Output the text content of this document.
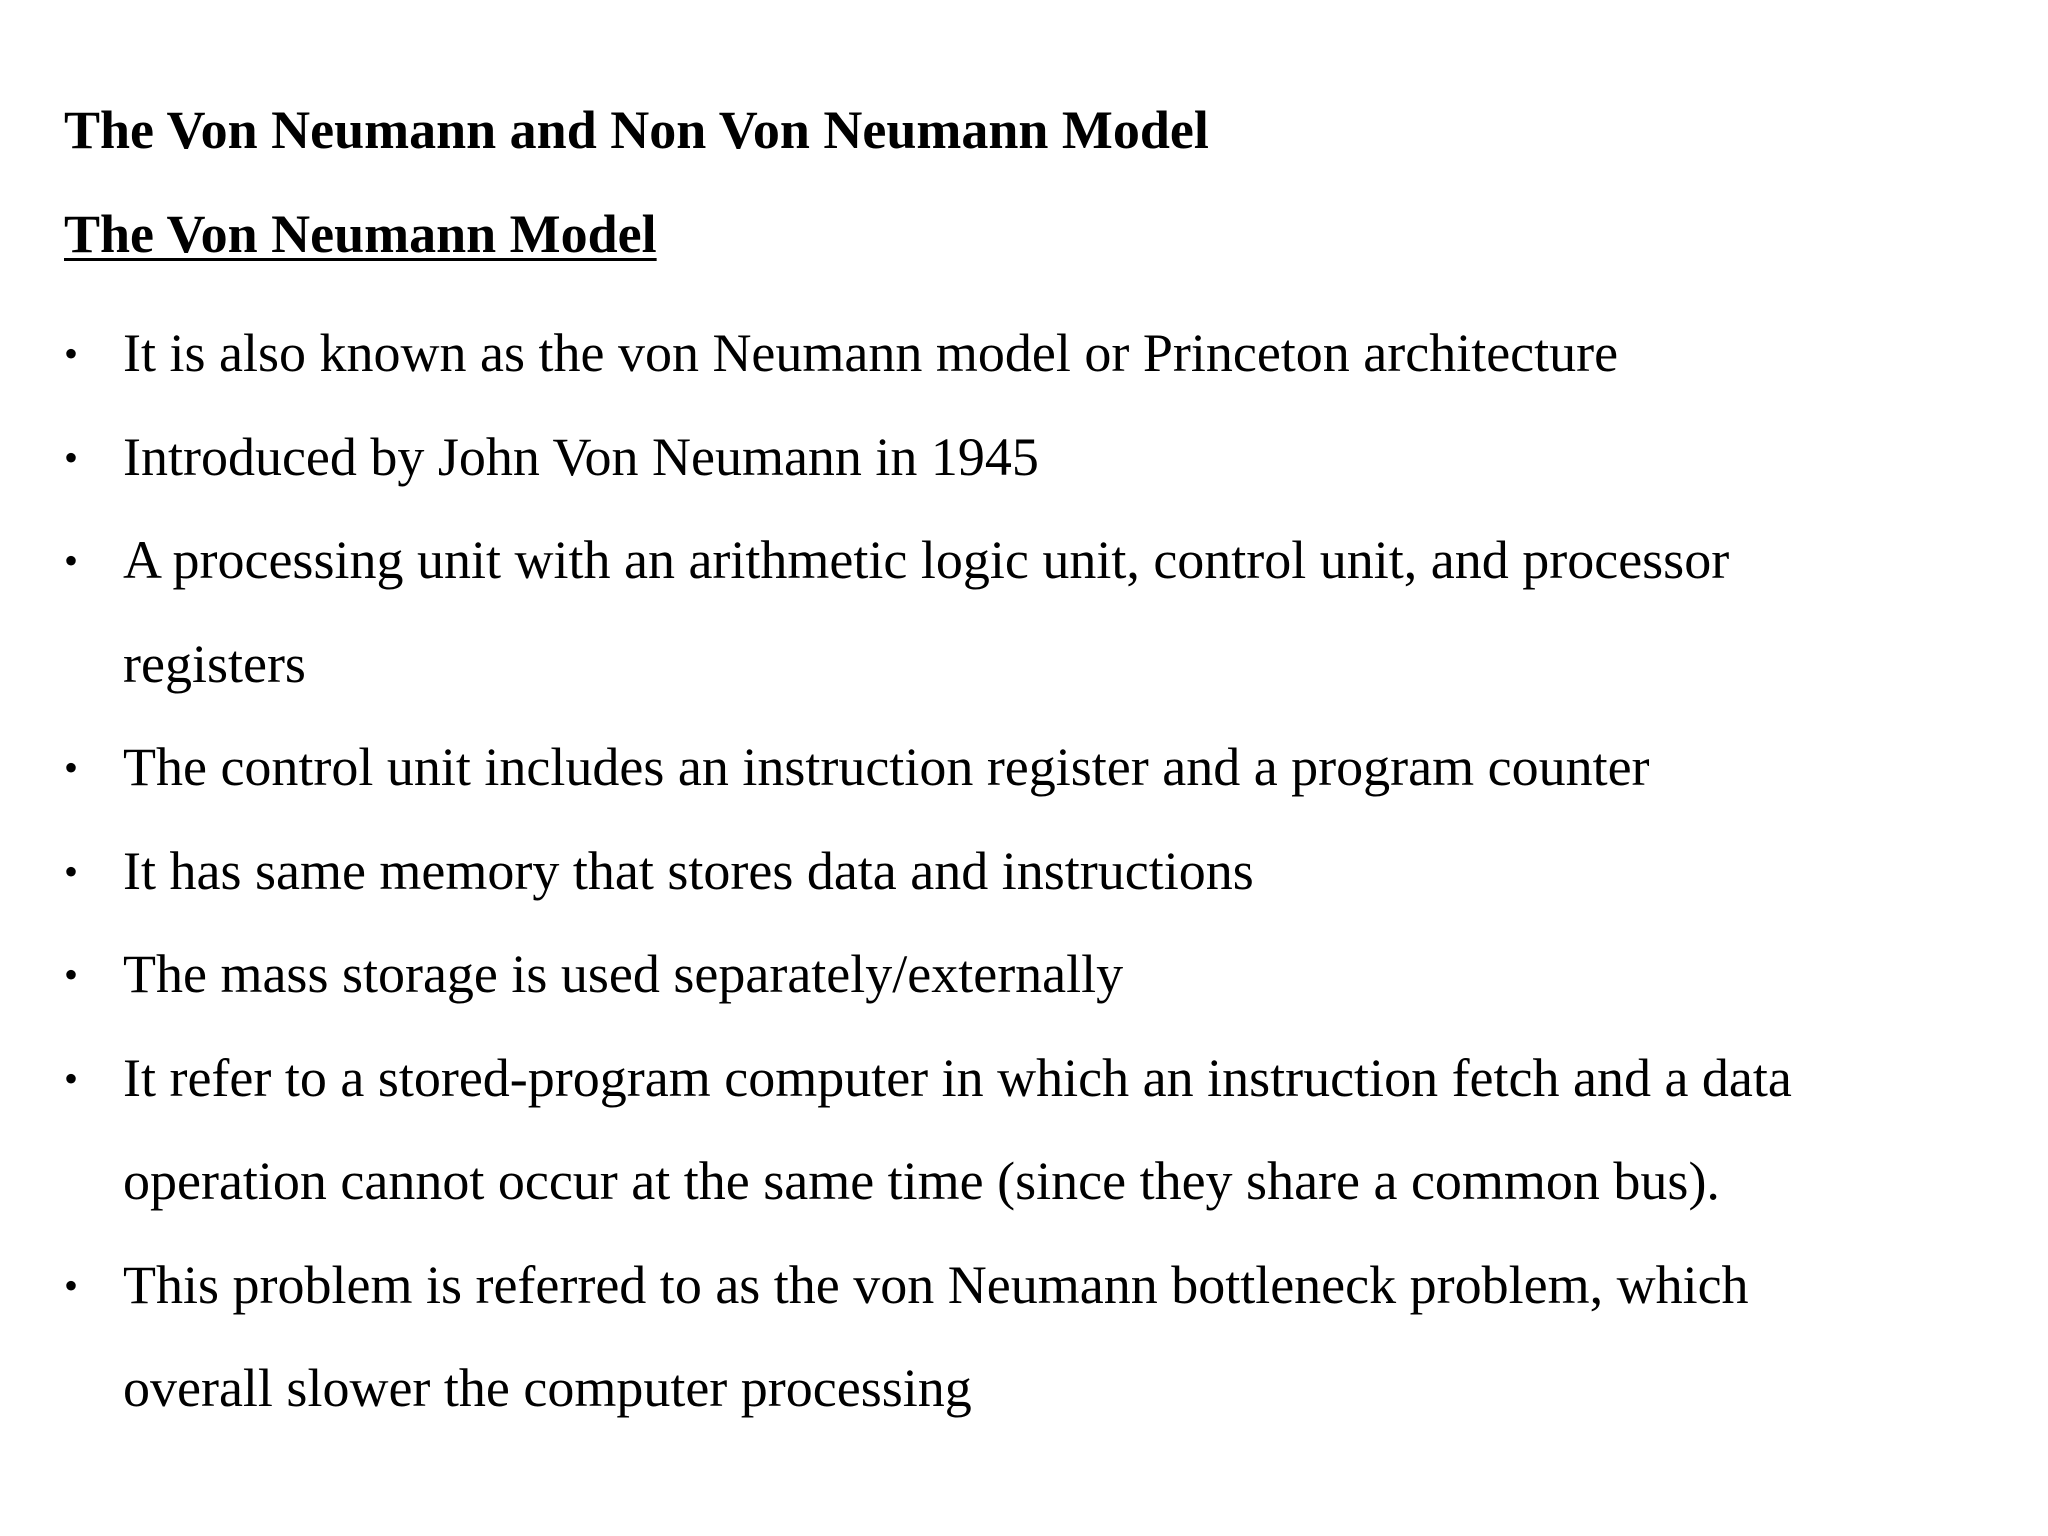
The Von Neumann and Non Von Neumann Model
The Von Neumann Model
• It is also known as the von Neumann model or Princeton architecture
• Introduced by John Von Neumann in 1945
• A processing unit with an arithmetic logic unit, control unit, and processor
registers
• The control unit includes an instruction register and a program counter
• It has same memory that stores data and instructions
• The mass storage is used separately/externally
• It refer to a stored-program computer in which an instruction fetch and a data
operation cannot occur at the same time (since they share a common bus).
• This problem is referred to as the von Neumann bottleneck problem, which
overall slower the computer processing
